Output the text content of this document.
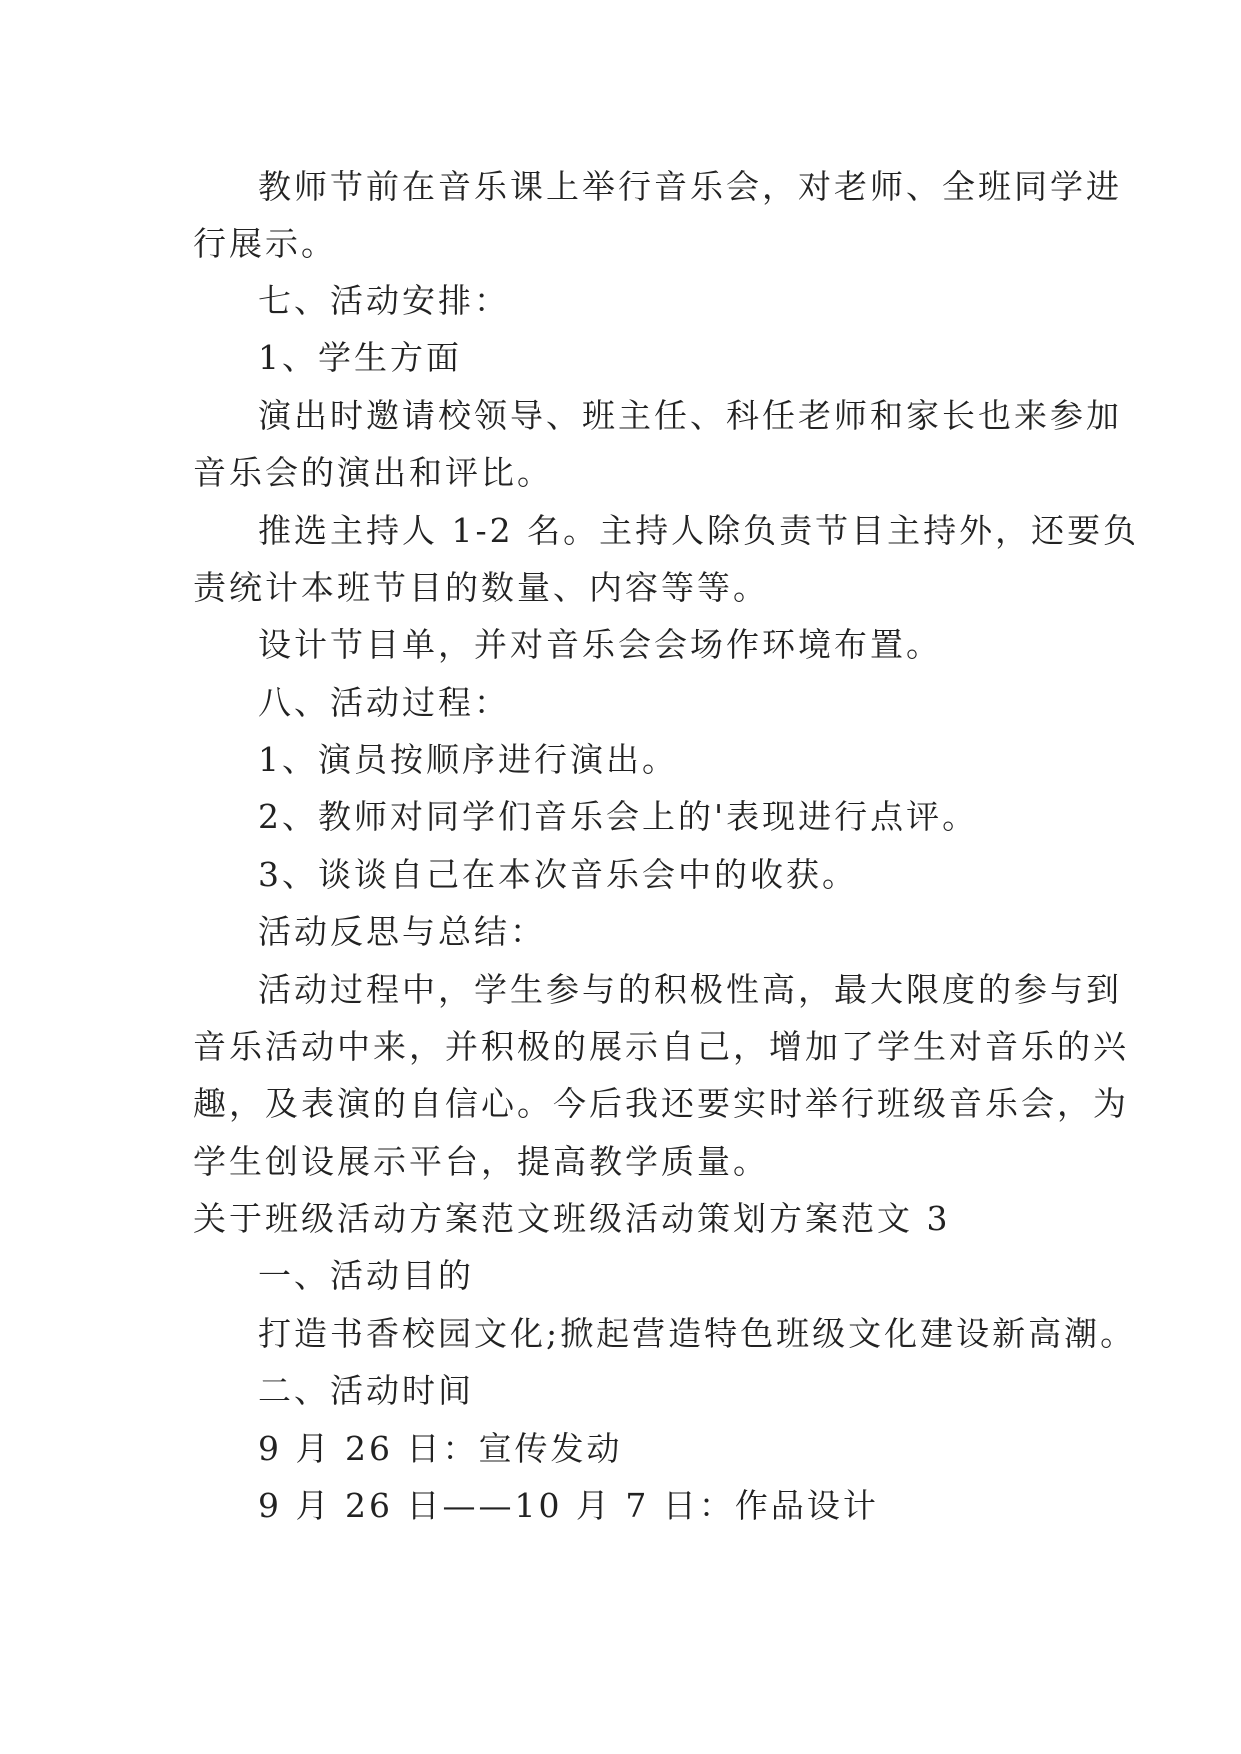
教师节前在音乐课上举行音乐会，对老师、全班同学进
行展示。
七、活动安排：
1、学生方面
演出时邀请校领导、班主任、科任老师和家长也来参加
音乐会的演出和评比。
推选主持人 1-2 名。主持人除负责节目主持外，还要负
责统计本班节目的数量、内容等等。
设计节目单，并对音乐会会场作环境布置。
八、活动过程：
1、演员按顺序进行演出。
2、教师对同学们音乐会上的'表现进行点评。
3、谈谈自己在本次音乐会中的收获。
活动反思与总结：
活动过程中，学生参与的积极性高，最大限度的参与到
音乐活动中来，并积极的展示自己，增加了学生对音乐的兴
趣，及表演的自信心。今后我还要实时举行班级音乐会，为
学生创设展示平台，提高教学质量。
关于班级活动方案范文班级活动策划方案范文 3
一、活动目的
打造书香校园文化;掀起营造特色班级文化建设新高潮。
二、活动时间
9 月 26 日：宣传发动
9 月 26 日——10 月 7 日：作品设计
